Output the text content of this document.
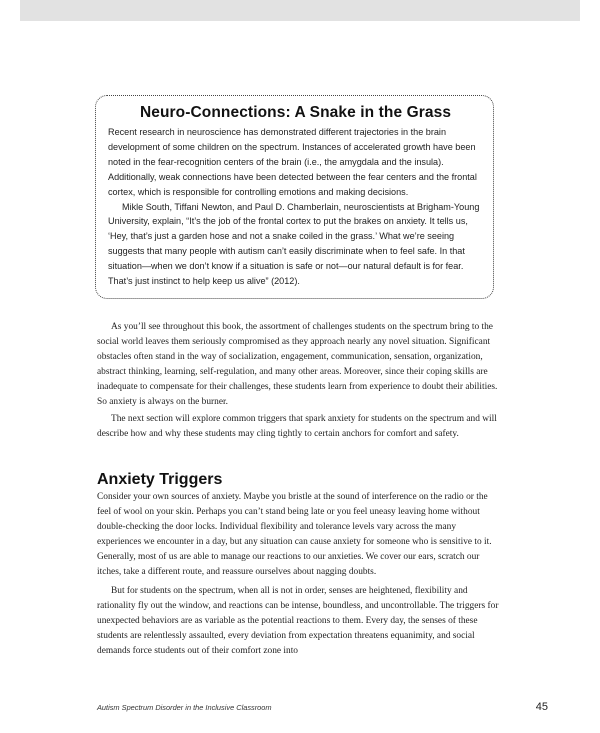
Neuro-Connections: A Snake in the Grass

Recent research in neuroscience has demonstrated different trajectories in the brain development of some children on the spectrum. Instances of accelerated growth have been noted in the fear-recognition centers of the brain (i.e., the amygdala and the insula). Additionally, weak connections have been detected between the fear centers and the frontal cortex, which is responsible for controlling emotions and making decisions.

Mikle South, Tiffani Newton, and Paul D. Chamberlain, neuroscientists at Brigham-Young University, explain, “It’s the job of the frontal cortex to put the brakes on anxiety. It tells us, ‘Hey, that’s just a garden hose and not a snake coiled in the grass.’ What we’re seeing suggests that many people with autism can’t easily discriminate when to feel safe. In that situation—when we don’t know if a situation is safe or not—our natural default is for fear. That’s just instinct to help keep us alive” (2012).

As you’ll see throughout this book, the assortment of challenges students on the spectrum bring to the social world leaves them seriously compromised as they approach nearly any novel situation. Significant obstacles often stand in the way of socialization, engagement, communication, sensation, organization, abstract thinking, learning, self-regulation, and many other areas. Moreover, since their coping skills are inadequate to compensate for their challenges, these students learn from experience to doubt their abilities. So anxiety is always on the burner.

The next section will explore common triggers that spark anxiety for students on the spectrum and will describe how and why these students may cling tightly to certain anchors for comfort and safety.

Anxiety Triggers

Consider your own sources of anxiety. Maybe you bristle at the sound of interference on the radio or the feel of wool on your skin. Perhaps you can’t stand being late or you feel uneasy leaving home without double-checking the door locks. Individual flexibility and tolerance levels vary across the many experiences we encounter in a day, but any situation can cause anxiety for someone who is sensitive to it. Generally, most of us are able to manage our reactions to our anxieties. We cover our ears, scratch our itches, take a different route, and reassure ourselves about nagging doubts.

But for students on the spectrum, when all is not in order, senses are heightened, flexibility and rationality fly out the window, and reactions can be intense, boundless, and uncontrollable. The triggers for unexpected behaviors are as variable as the potential reactions to them. Every day, the senses of these students are relentlessly assaulted, every deviation from expectation threatens equanimity, and social demands force students out of their comfort zone into

Autism Spectrum Disorder in the Inclusive Classroom	45
